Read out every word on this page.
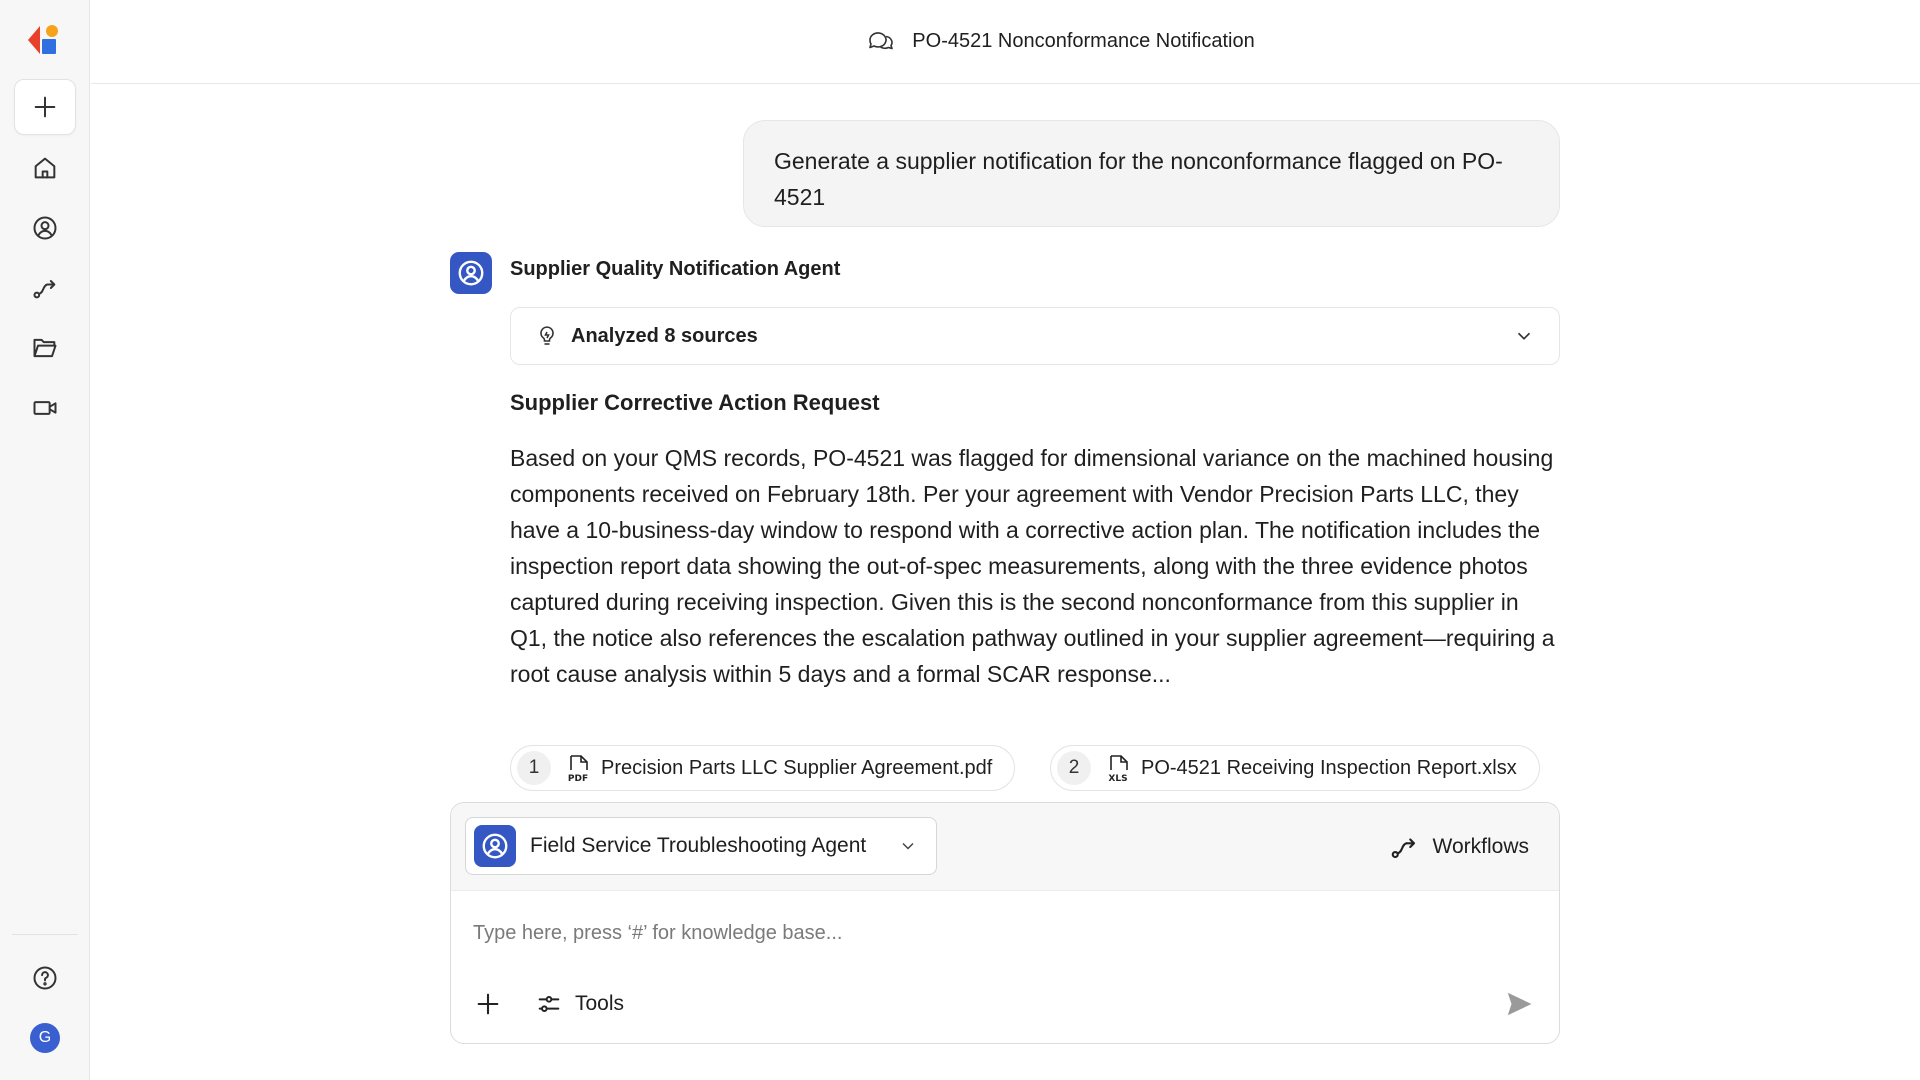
G
PO-4521 Nonconformance Notification
Generate a supplier notification for the nonconformance flagged on PO-4521
Supplier Quality Notification Agent
Analyzed 8 sources
Supplier Corrective Action Request
Based on your QMS records, PO-4521 was flagged for dimensional variance on the machined housing components received on February 18th. Per your agreement with Vendor Precision Parts LLC, they have a 10-business-day window to respond with a corrective action plan. The notification includes the inspection report data showing the out-of-spec measurements, along with the three evidence photos captured during receiving inspection. Given this is the second nonconformance from this supplier in Q1, the notice also references the escalation pathway outlined in your supplier agreement—requiring a root cause analysis within 5 days and a formal SCAR response...
1
PDF
Precision Parts LLC Supplier Agreement.pdf	2
XLS
PO-4521 Receiving Inspection Report.xlsx
Field Service Troubleshooting Agent	Workflows
Type here, press ‘#’ for knowledge base...
Tools
